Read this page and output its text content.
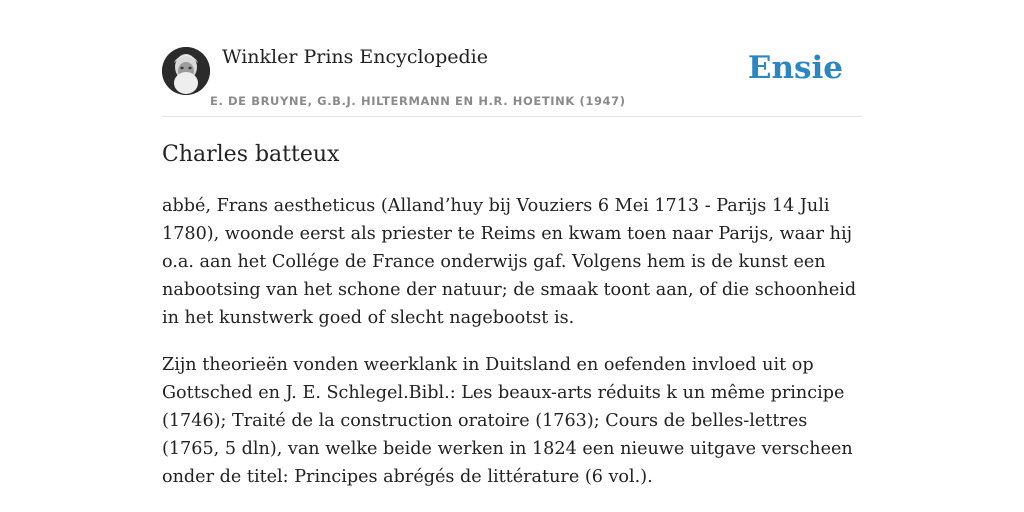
Winkler Prins Encyclopedie
E. DE BRUYNE, G.B.J. HILTERMANN EN H.R. HOETINK (1947)
Ensie
Charles batteux

abbé, Frans aestheticus (Alland’huy bij Vouziers 6 Mei 1713 - Parijs 14 Juli 1780), woonde eerst als priester te Reims en kwam toen naar Parijs, waar hij o.a. aan het Collége de France onderwijs gaf. Volgens hem is de kunst een nabootsing van het schone der natuur; de smaak toont aan, of die schoonheid in het kunstwerk goed of slecht nagebootst is.

Zijn theorieën vonden weerklank in Duitsland en oefenden invloed uit op Gottsched en J. E. Schlegel.Bibl.: Les beaux-arts réduits k un même principe (1746); Traité de la construction oratoire (1763); Cours de belles-lettres (1765, 5 dln), van welke beide werken in 1824 een nieuwe uitgave verscheen onder de titel: Principes abrégés de littérature (6 vol.).
